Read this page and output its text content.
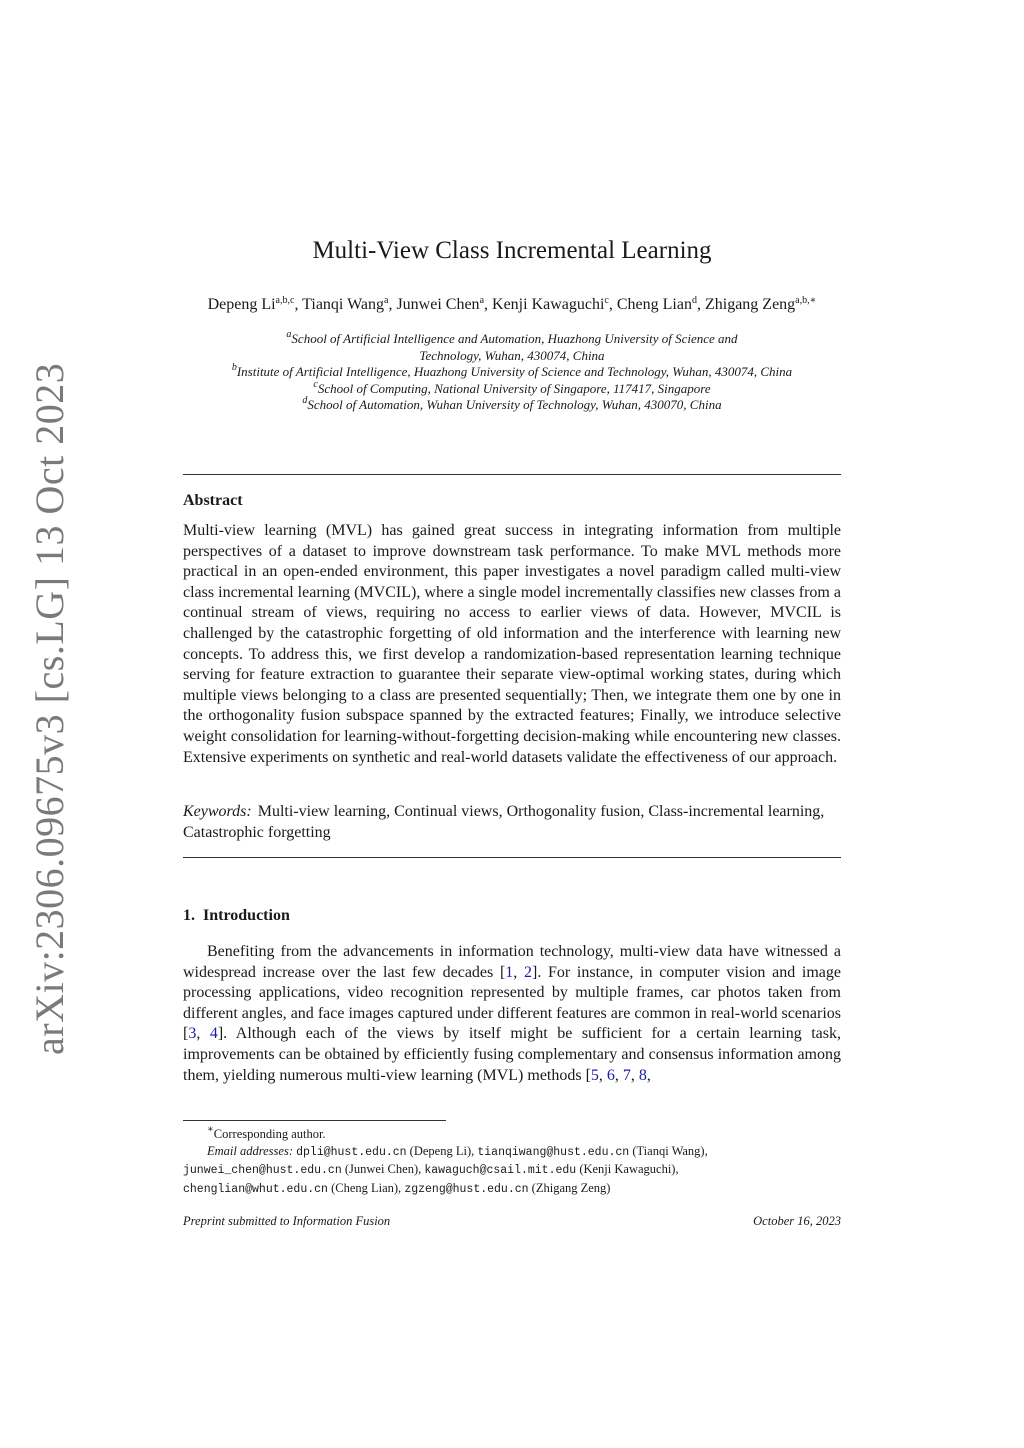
arXiv:2306.09675v3 [cs.LG] 13 Oct 2023
Multi-View Class Incremental Learning
Depeng Li$^{a,b,c}$, Tianqi Wang$^a$, Junwei Chen$^a$, Kenji Kawaguchi$^c$, Cheng Lian$^d$, Zhigang Zeng$^{a,b,∗}$
$^a$School of Artificial Intelligence and Automation, Huazhong University of Science and
Technology, Wuhan, 430074, China
$^b$Institute of Artificial Intelligence, Huazhong University of Science and Technology, Wuhan, 430074, China
$^c$School of Computing, National University of Singapore, 117417, Singapore
$^d$School of Automation, Wuhan University of Technology, Wuhan, 430070, China
Abstract
Multi-view learning (MVL) has gained great success in integrating information from multiple perspectives of a dataset to improve downstream task performance. To make MVL methods more practical in an open-ended environment, this paper investigates a novel paradigm called multi-view class incremental learning (MVCIL), where a single model incrementally classifies new classes from a continual stream of views, requiring no access to earlier views of data. However, MVCIL is challenged by the catastrophic forgetting of old information and the interference with learning new concepts. To address this, we first develop a randomization-based representation learning technique serving for feature extraction to guarantee their separate view-optimal working states, during which multiple views belonging to a class are presented sequentially; Then, we integrate them one by one in the orthogonality fusion subspace spanned by the extracted features; Finally, we introduce selective weight consolidation for learning-without-forgetting decision-making while encountering new classes. Extensive experiments on synthetic and real-world datasets validate the effectiveness of our approach.
Keywords: Multi-view learning, Continual views, Orthogonality fusion, Class-incremental learning, Catastrophic forgetting
1. Introduction
Benefiting from the advancements in information technology, multi-view data have witnessed a widespread increase over the last few decades [1, 2]. For instance, in computer vision and image processing applications, video recognition represented by multiple frames, car photos taken from different angles, and face images captured under different features are common in real-world scenarios [3, 4]. Although each of the views by itself might be sufficient for a certain learning task, improvements can be obtained by efficiently fusing complementary and consensus information among them, yielding numerous multi-view learning (MVL) methods [5, 6, 7, 8,
∗Corresponding author.
Email addresses: dpli@hust.edu.cn (Depeng Li), tianqiwang@hust.edu.cn (Tianqi Wang),
junwei_chen@hust.edu.cn (Junwei Chen), kawaguch@csail.mit.edu (Kenji Kawaguchi),
chenglian@whut.edu.cn (Cheng Lian), zgzeng@hust.edu.cn (Zhigang Zeng)
Preprint submitted to Information Fusion	October 16, 2023
